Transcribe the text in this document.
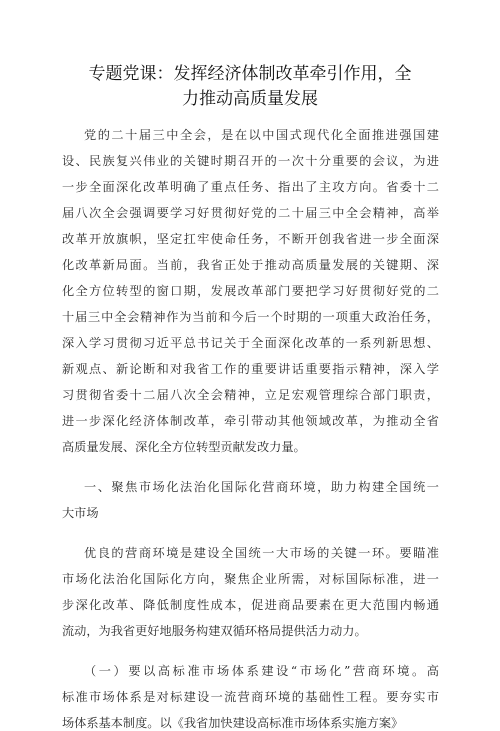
专题党课：发挥经济体制改革牵引作用，全
力推动高质量发展
党的二十届三中全会，是在以中国式现代化全面推进强国建
设、民族复兴伟业的关键时期召开的一次十分重要的会议，为进
一步全面深化改革明确了重点任务、指出了主攻方向。省委十二
届八次全会强调要学习好贯彻好党的二十届三中全会精神，高举
改革开放旗帜，坚定扛牢使命任务，不断开创我省进一步全面深
化改革新局面。当前，我省正处于推动高质量发展的关键期、深
化全方位转型的窗口期，发展改革部门要把学习好贯彻好党的二
十届三中全会精神作为当前和今后一个时期的一项重大政治任务，
深入学习贯彻习近平总书记关于全面深化改革的一系列新思想、
新观点、新论断和对我省工作的重要讲话重要指示精神，深入学
习贯彻省委十二届八次全会精神，立足宏观管理综合部门职责，
进一步深化经济体制改革，牵引带动其他领域改革，为推动全省
高质量发展、深化全方位转型贡献发改力量。
一、聚焦市场化法治化国际化营商环境，助力构建全国统一
大市场
优良的营商环境是建设全国统一大市场的关键一环。要瞄准
市场化法治化国际化方向，聚焦企业所需，对标国际标准，进一
步深化改革、降低制度性成本，促进商品要素在更大范围内畅通
流动，为我省更好地服务构建双循环格局提供活力动力。
（一）要以高标准市场体系建设“市场化”营商环境。高
标准市场体系是对标建设一流营商环境的基础性工程。要夯实市
场体系基本制度。以《我省加快建设高标准市场体系实施方案》
